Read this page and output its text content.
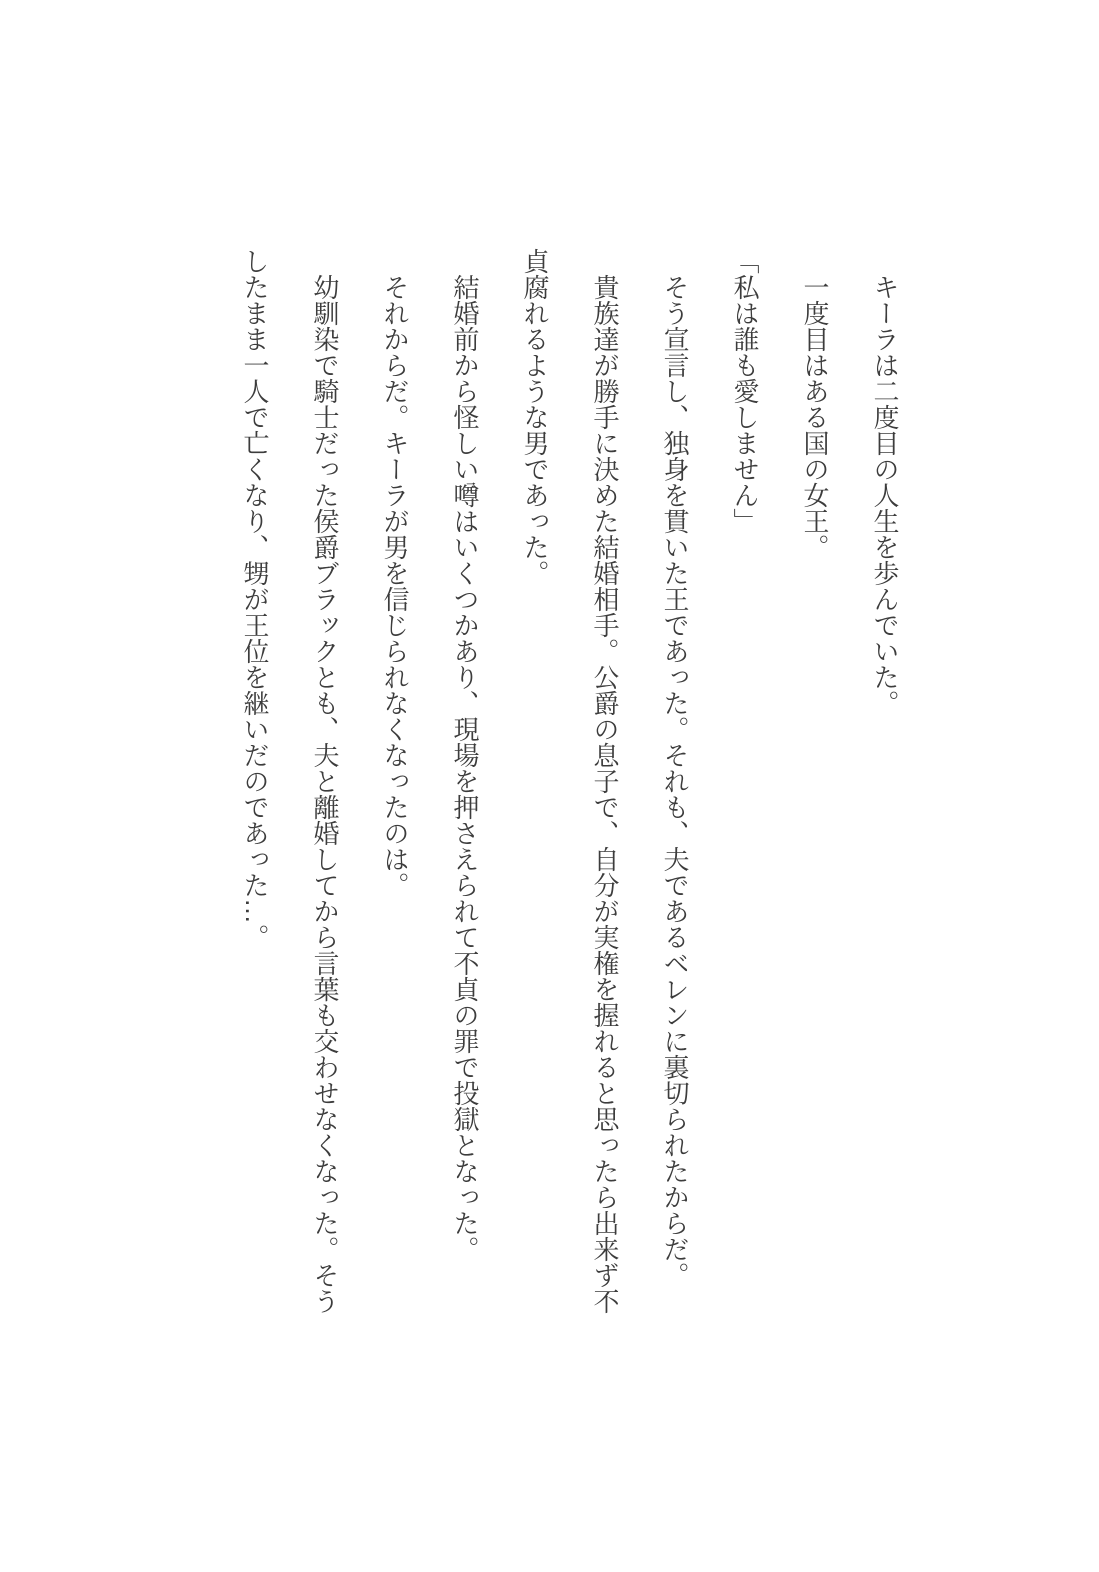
キーラは二度目の人生を歩んでいた。

一度目はある国の女王。

「私は誰も愛しません」

そう宣言し、独身を貫いた王であった。それも、夫であるベレンに裏切られたからだ。

貴族達が勝手に決めた結婚相手。公爵の息子で、自分が実権を握れると思ったら出来ず不

貞腐れるような男であった。

結婚前から怪しい噂はいくつかあり、現場を押さえられて不貞の罪で投獄となった。

それからだ。キーラが男を信じられなくなったのは。

幼馴染で騎士だった侯爵ブラックとも、夫と離婚してから言葉も交わせなくなった。そう

したまま一人で亡くなり、甥が王位を継いだのであった…。
